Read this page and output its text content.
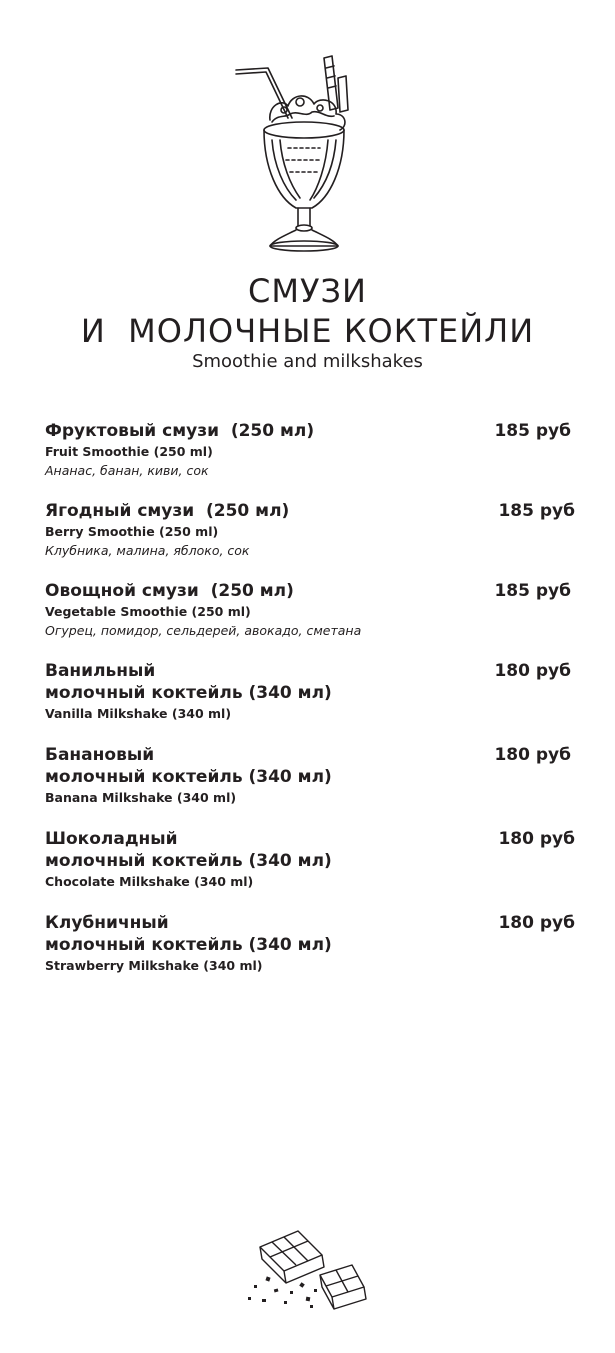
СМУЗИ
И  МОЛОЧНЫЕ КОКТЕЙЛИ
Smoothie and milkshakes
Фруктовый смузи  (250 мл)
Fruit Smoothie (250 ml)
Ананас, банан, киви, сок
185 руб
Ягодный смузи  (250 мл)
Berry Smoothie (250 ml)
Клубника, малина, яблоко, сок
185 руб
Овощной смузи  (250 мл)
Vegetable Smoothie (250 ml)
Огурец, помидор, сельдерей, авокадо, сметана
185 руб
Ванильный
молочный коктейль (340 мл)
Vanilla Milkshake (340 ml)
180 руб
Банановый
молочный коктейль (340 мл)
Banana Milkshake (340 ml)
180 руб
Шоколадный
молочный коктейль (340 мл)
Chocolate Milkshake (340 ml)
180 руб
Клубничный
молочный коктейль (340 мл)
Strawberry Milkshake (340 ml)
180 руб
